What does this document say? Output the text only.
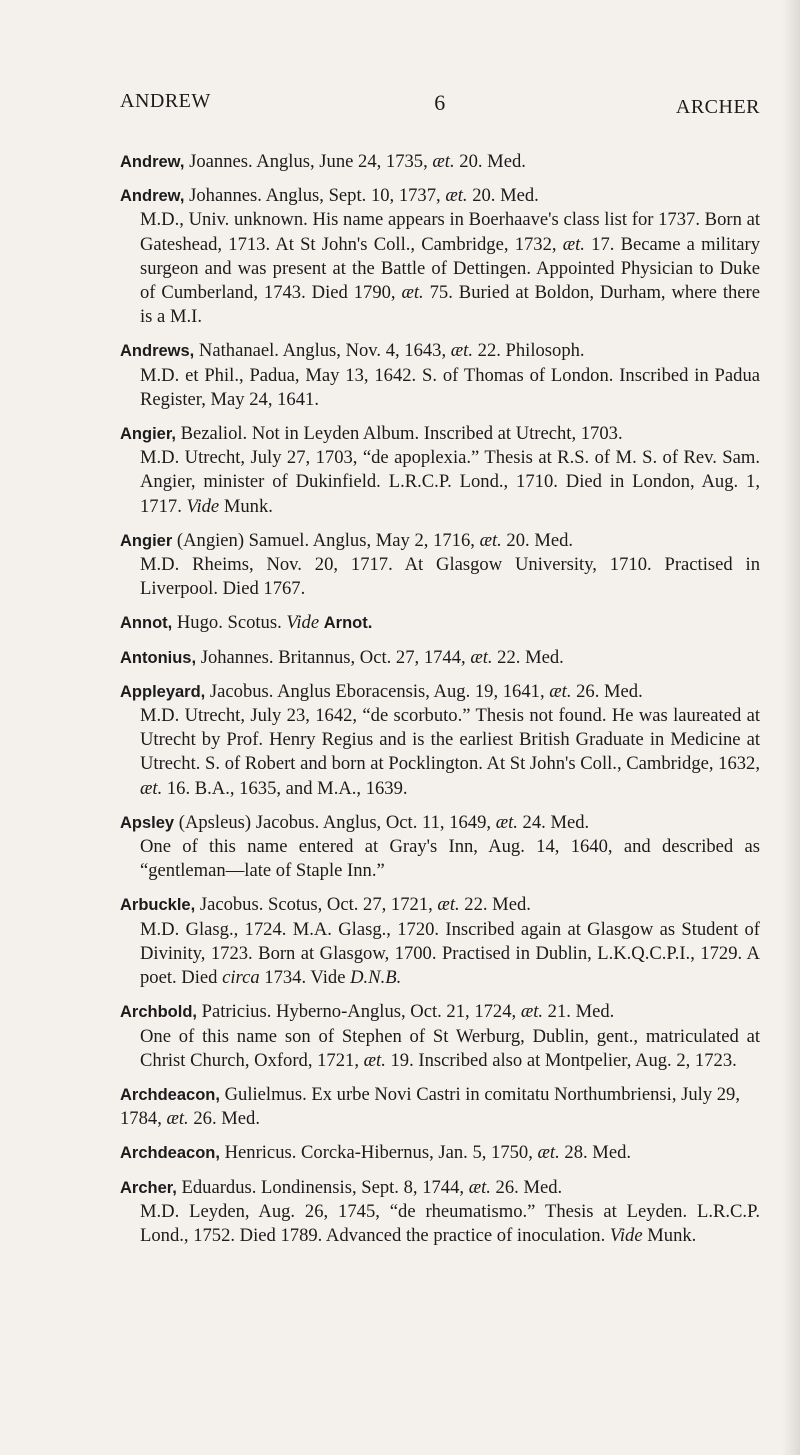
ANDREW	6	ARCHER

Andrew, Joannes. Anglus, June 24, 1735, æt. 20. Med.

Andrew, Johannes. Anglus, Sept. 10, 1737, æt. 20. Med.

M.D., Univ. unknown. His name appears in Boerhaave's class list for 1737. Born at Gateshead, 1713. At St John's Coll., Cambridge, 1732, æt. 17. Became a military surgeon and was present at the Battle of Dettingen. Appointed Physician to Duke of Cumberland, 1743. Died 1790, æt. 75. Buried at Boldon, Durham, where there is a M.I.

Andrews, Nathanael. Anglus, Nov. 4, 1643, æt. 22. Philosoph.

M.D. et Phil., Padua, May 13, 1642. S. of Thomas of London. Inscribed in Padua Register, May 24, 1641.

Angier, Bezaliol. Not in Leyden Album. Inscribed at Utrecht, 1703.

M.D. Utrecht, July 27, 1703, “de apoplexia.” Thesis at R.S. of M. S. of Rev. Sam. Angier, minister of Dukinfield. L.R.C.P. Lond., 1710. Died in London, Aug. 1, 1717. Vide Munk.

Angier (Angien) Samuel. Anglus, May 2, 1716, æt. 20. Med.

M.D. Rheims, Nov. 20, 1717. At Glasgow University, 1710. Practised in Liverpool. Died 1767.

Annot, Hugo. Scotus. Vide Arnot.

Antonius, Johannes. Britannus, Oct. 27, 1744, æt. 22. Med.

Appleyard, Jacobus. Anglus Eboracensis, Aug. 19, 1641, æt. 26. Med.

M.D. Utrecht, July 23, 1642, “de scorbuto.” Thesis not found. He was laureated at Utrecht by Prof. Henry Regius and is the earliest British Graduate in Medicine at Utrecht. S. of Robert and born at Pocklington. At St John's Coll., Cambridge, 1632, æt. 16. B.A., 1635, and M.A., 1639.

Apsley (Apsleus) Jacobus. Anglus, Oct. 11, 1649, æt. 24. Med.

One of this name entered at Gray's Inn, Aug. 14, 1640, and described as “gentleman—late of Staple Inn.”

Arbuckle, Jacobus. Scotus, Oct. 27, 1721, æt. 22. Med.

M.D. Glasg., 1724. M.A. Glasg., 1720. Inscribed again at Glasgow as Student of Divinity, 1723. Born at Glasgow, 1700. Practised in Dublin, L.K.Q.C.P.I., 1729. A poet. Died circa 1734. Vide D.N.B.

Archbold, Patricius. Hyberno-Anglus, Oct. 21, 1724, æt. 21. Med.

One of this name son of Stephen of St Werburg, Dublin, gent., matriculated at Christ Church, Oxford, 1721, æt. 19. Inscribed also at Montpelier, Aug. 2, 1723.

Archdeacon, Gulielmus. Ex urbe Novi Castri in comitatu Northumbriensi, July 29, 1784, æt. 26. Med.

Archdeacon, Henricus. Corcka-Hibernus, Jan. 5, 1750, æt. 28. Med.

Archer, Eduardus. Londinensis, Sept. 8, 1744, æt. 26. Med.

M.D. Leyden, Aug. 26, 1745, “de rheumatismo.” Thesis at Leyden. L.R.C.P. Lond., 1752. Died 1789. Advanced the practice of inoculation. Vide Munk.
